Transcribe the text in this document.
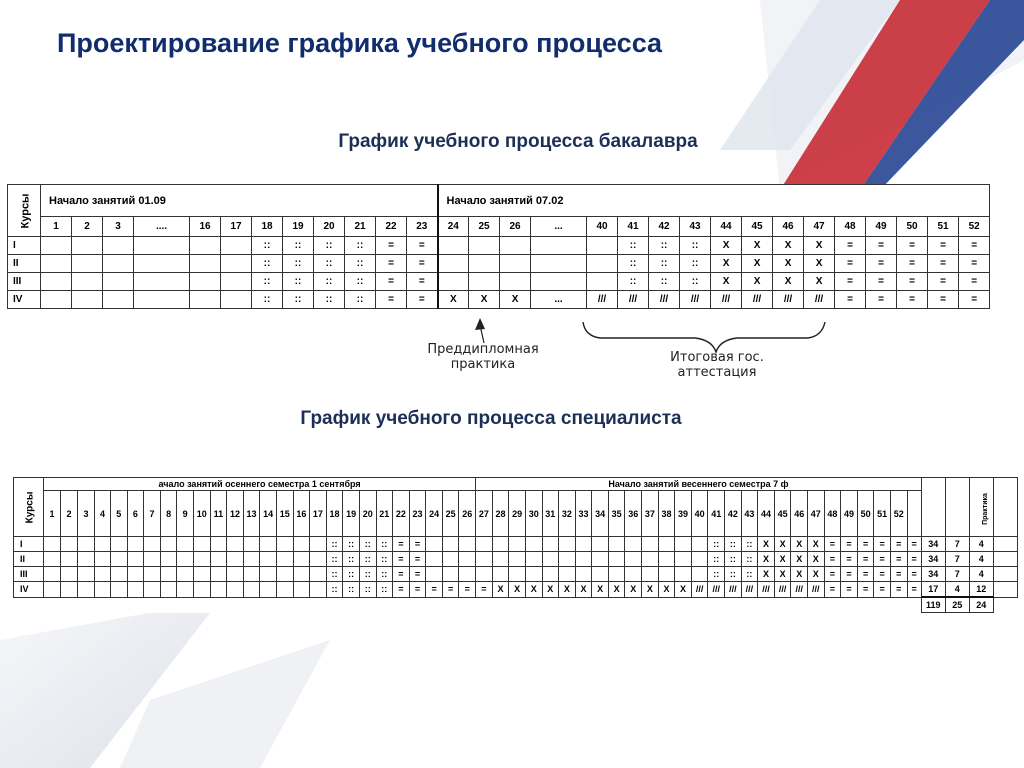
Проектирование графика учебного процесса
График учебного процесса бакалавра
Курсы	Начало занятий 01.09												Начало занятий 07.02																
	1	2	3	....	16	17	18	19	20	21	22	23	24	25	26	...	40	41	42	43	44	45	46	47	48	49	50	51	52
I							::	::	::	::	=	=						::	::	::	X	X	X	X	=	=	=	=	=
II							::	::	::	::	=	=						::	::	::	X	X	X	X	=	=	=	=	=
III							::	::	::	::	=	=						::	::	::	X	X	X	X	=	=	=	=	=
IV							::	::	::	::	=	=	X	X	X	...	///	///	///	///	///	///	///	///	=	=	=	=	=
Преддипломная
практика	Итоговая гос.
аттестация
График учебного процесса специалиста
Курсы	ачало занятий осеннего семестра 1 сентября																										Начало занятий весеннего семестра 7 ф																													Практика	
	1	2	3	4	5	6	7	8	9	10	11	12	13	14	15	16	17	18	19	20	21	22	23	24	25	26	27	28	29	30	31	32	33	34	35	36	37	38	39	40	41	42	43	44	45	46	47	48	49	50	51	52					
I																		::	::	::	::	=	=																		::	::	::	X	X	X	X	=	=	=	=	=	=	34	7	4	
II																		::	::	::	::	=	=																		::	::	::	X	X	X	X	=	=	=	=	=	=	34	7	4	
III																		::	::	::	::	=	=																		::	::	::	X	X	X	X	=	=	=	=	=	=	34	7	4	
IV																		::	::	::	::	=	=	=	=	=	=	X	X	X	X	X	X	X	X	X	X	X	X	///	///	///	///	///	///	///	///	=	=	=	=	=	=	17	4	12	
																																																						119	25	24	
